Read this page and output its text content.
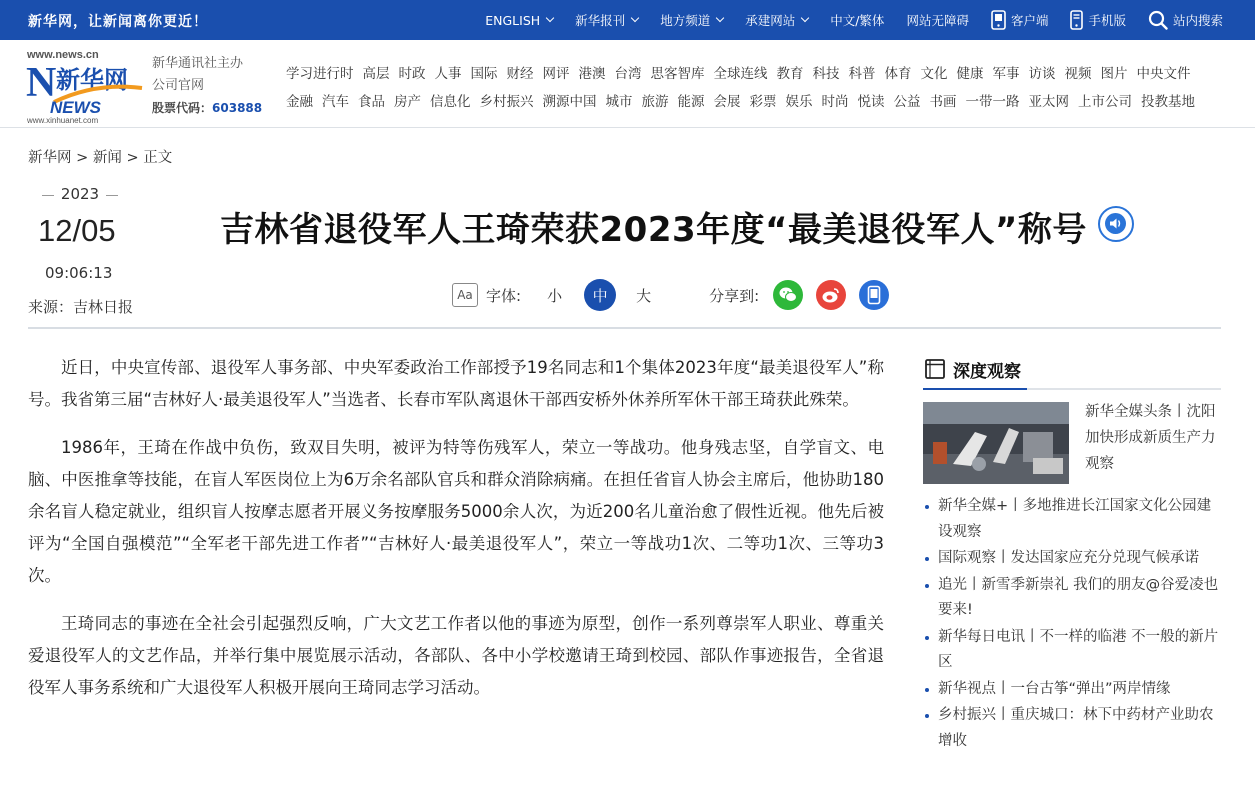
新华网，让新闻离你更近！	ENGLISH	新华报刊	地方频道	承建网站	中文/繁体 网站无障碍	客户端	手机版	站内搜索
www.news.cn
N 新华网
NEWS
www.xinhuanet.com
新华通讯社主办
公司官网
股票代码：603888
学习进行时 高层 时政 人事 国际 财经 网评 港澳 台湾 思客智库 全球连线 教育 科技 科普 体育 文化 健康 军事 访谈 视频 图片 中央文件
金融 汽车 食品 房产 信息化 乡村振兴 溯源中国 城市 旅游 能源 会展 彩票 娱乐 时尚 悦读 公益 书画 一带一路 亚太网 上市公司 投教基地
新华网 > 新闻 > 正文
2023
12/05
09:06:13
来源：吉林日报
吉林省退役军人王琦荣获2023年度“最美退役军人”称号
Aa 字体: 小	中	大	分享到:

近日，中央宣传部、退役军人事务部、中央军委政治工作部授予19名同志和1个集体2023年度“最美退役军人”称号。我省第三届“吉林好人·最美退役军人”当选者、长春市军队离退休干部西安桥外休养所军休干部王琦获此殊荣。

1986年，王琦在作战中负伤，致双目失明，被评为特等伤残军人，荣立一等战功。他身残志坚，自学盲文、电脑、中医推拿等技能，在盲人军医岗位上为6万余名部队官兵和群众消除病痛。在担任省盲人协会主席后，他协助180余名盲人稳定就业，组织盲人按摩志愿者开展义务按摩服务5000余人次，为近200名儿童治愈了假性近视。他先后被评为“全国自强模范”“全军老干部先进工作者”“吉林好人·最美退役军人”，荣立一等战功1次、二等功1次、三等功3次。

王琦同志的事迹在全社会引起强烈反响，广大文艺工作者以他的事迹为原型，创作一系列尊崇军人职业、尊重关爱退役军人的文艺作品，并举行集中展览展示活动，各部队、各中小学校邀请王琦到校园、部队作事迹报告，全省退役军人事务系统和广大退役军人积极开展向王琦同志学习活动。

深度观察
新华全媒头条丨沈阳加快形成新质生产力观察
新华全媒+丨多地推进长江国家文化公园建设观察
国际观察丨发达国家应充分兑现气候承诺
追光丨新雪季新崇礼 我们的朋友@谷爱凌也要来!
新华每日电讯丨不一样的临港 不一般的新片区
新华视点丨一台古筝“弹出”两岸情缘
乡村振兴丨重庆城口：林下中药材产业助农增收
